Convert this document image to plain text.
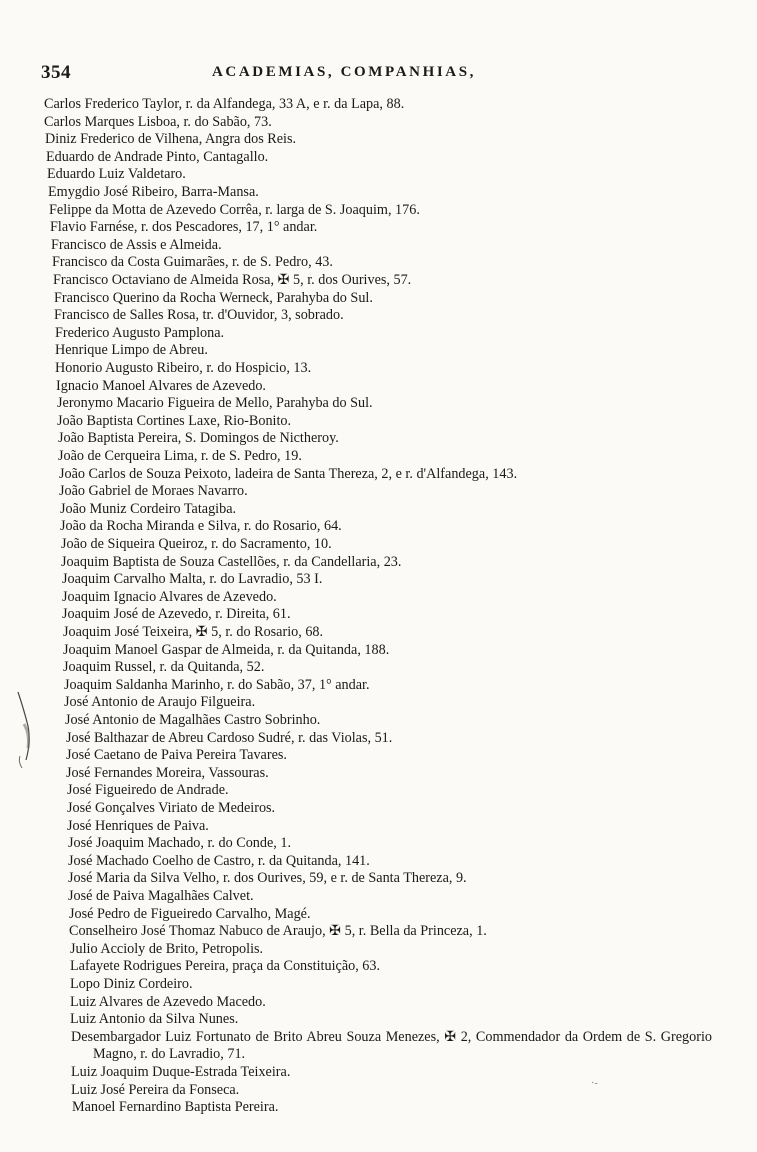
354	ACADEMIAS, COMPANHIAS,
Carlos Frederico Taylor, r. da Alfandega, 33 A, e r. da Lapa, 88.
Carlos Marques Lisboa, r. do Sabão, 73.
Diniz Frederico de Vilhena, Angra dos Reis.
Eduardo de Andrade Pinto, Cantagallo.
Eduardo Luiz Valdetaro.
Emygdio José Ribeiro, Barra-Mansa.
Felippe da Motta de Azevedo Corrêa, r. larga de S. Joaquim, 176.
Flavio Farnése, r. dos Pescadores, 17, 1° andar.
Francisco de Assis e Almeida.
Francisco da Costa Guimarães, r. de S. Pedro, 43.
Francisco Octaviano de Almeida Rosa, ✠ 5, r. dos Ourives, 57.
Francisco Querino da Rocha Werneck, Parahyba do Sul.
Francisco de Salles Rosa, tr. d'Ouvidor, 3, sobrado.
Frederico Augusto Pamplona.
Henrique Limpo de Abreu.
Honorio Augusto Ribeiro, r. do Hospicio, 13.
Ignacio Manoel Alvares de Azevedo.
Jeronymo Macario Figueira de Mello, Parahyba do Sul.
João Baptista Cortines Laxe, Rio-Bonito.
João Baptista Pereira, S. Domingos de Nictheroy.
João de Cerqueira Lima, r. de S. Pedro, 19.
João Carlos de Souza Peixoto, ladeira de Santa Thereza, 2, e r. d'Alfandega, 143.
João Gabriel de Moraes Navarro.
João Muniz Cordeiro Tatagiba.
João da Rocha Miranda e Silva, r. do Rosario, 64.
João de Siqueira Queiroz, r. do Sacramento, 10.
Joaquim Baptista de Souza Castellões, r. da Candellaria, 23.
Joaquim Carvalho Malta, r. do Lavradio, 53 I.
Joaquim Ignacio Alvares de Azevedo.
Joaquim José de Azevedo, r. Direita, 61.
Joaquim José Teixeira, ✠ 5, r. do Rosario, 68.
Joaquim Manoel Gaspar de Almeida, r. da Quitanda, 188.
Joaquim Russel, r. da Quitanda, 52.
Joaquim Saldanha Marinho, r. do Sabão, 37, 1° andar.
José Antonio de Araujo Filgueira.
José Antonio de Magalhães Castro Sobrinho.
José Balthazar de Abreu Cardoso Sudré, r. das Violas, 51.
José Caetano de Paiva Pereira Tavares.
José Fernandes Moreira, Vassouras.
José Figueiredo de Andrade.
José Gonçalves Viriato de Medeiros.
José Henriques de Paiva.
José Joaquim Machado, r. do Conde, 1.
José Machado Coelho de Castro, r. da Quitanda, 141.
José Maria da Silva Velho, r. dos Ourives, 59, e r. de Santa Thereza, 9.
José de Paiva Magalhães Calvet.
José Pedro de Figueiredo Carvalho, Magé.
Conselheiro José Thomaz Nabuco de Araujo, ✠ 5, r. Bella da Princeza, 1.
Julio Accioly de Brito, Petropolis.
Lafayete Rodrigues Pereira, praça da Constituição, 63.
Lopo Diniz Cordeiro.
Luiz Alvares de Azevedo Macedo.
Luiz Antonio da Silva Nunes.
Desembargador Luiz Fortunato de Brito Abreu Souza Menezes, ✠ 2, Commendador da Ordem de S. Gregorio Magno, r. do Lavradio, 71.
Luiz Joaquim Duque-Estrada Teixeira.
Luiz José Pereira da Fonseca.
Manoel Fernardino Baptista Pereira.
·-
